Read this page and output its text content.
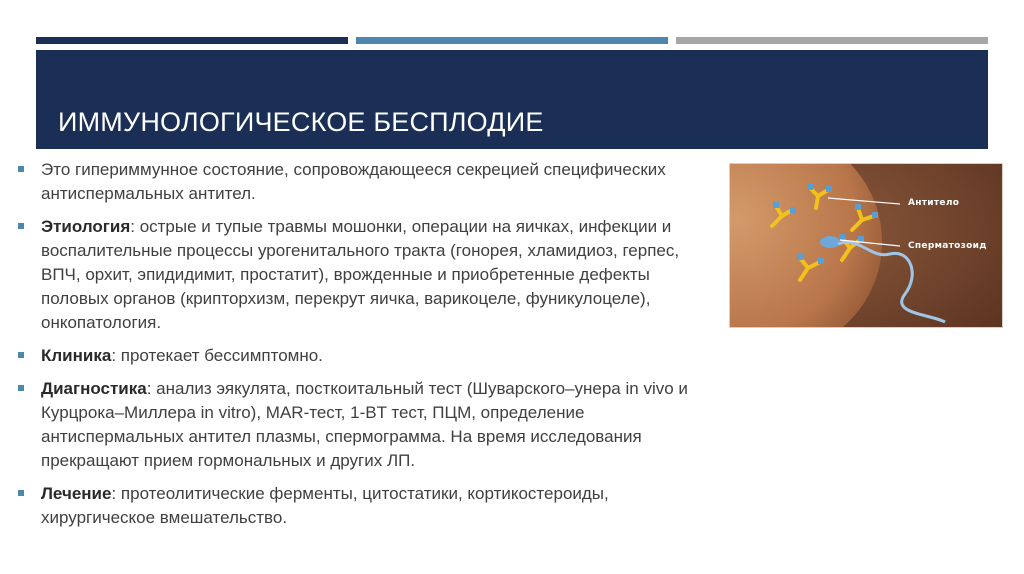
ИММУНОЛОГИЧЕСКОЕ БЕСПЛОДИЕ
Это гипериммунное состояние, сопровождающееся секрецией специфических антиспермальных антител.
Этиология: острые и тупые травмы мошонки, операции на яичках, инфекции и воспалительные процессы урогенитального тракта (гонорея, хламидиоз, герпес, ВПЧ, орхит, эпидидимит, простатит), врожденные и приобретенные дефекты половых органов (крипторхизм, перекрут яичка, варикоцеле, фуникулоцеле), онкопатология.
Клиника: протекает бессимптомно.
Диагностика: анализ эякулята, посткоитальный тест (Шуварского–унера in vivo и Курцрока–Миллера in vitro), MAR-тест, 1-BT тест, ПЦМ, определение антиспермальных антител плазмы, спермограмма. На время исследования прекращают прием гормональных и других ЛП.
Лечение: протеолитические ферменты, цитостатики, кортикостероиды, хирургическое вмешательство.
Антитело
Сперматозоид
